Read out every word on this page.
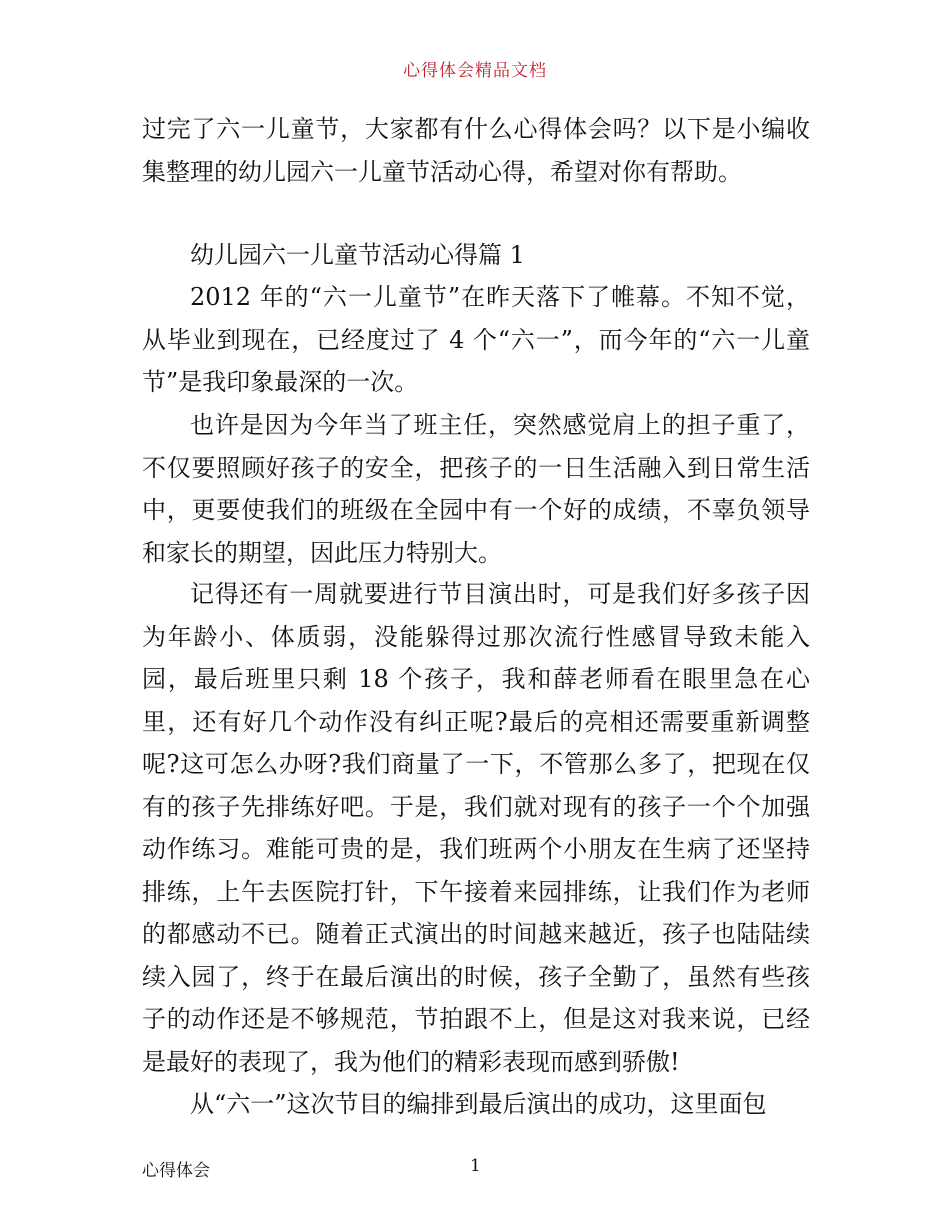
心得体会精品文档

过完了六一儿童节，大家都有什么心得体会吗？以下是小编收集整理的幼儿园六一儿童节活动心得，希望对你有帮助。

幼儿园六一儿童节活动心得篇 1

2012 年的“六一儿童节”在昨天落下了帷幕。不知不觉，从毕业到现在，已经度过了 4 个“六一”，而今年的“六一儿童节”是我印象最深的一次。

也许是因为今年当了班主任，突然感觉肩上的担子重了，不仅要照顾好孩子的安全，把孩子的一日生活融入到日常生活中，更要使我们的班级在全园中有一个好的成绩，不辜负领导和家长的期望，因此压力特别大。

记得还有一周就要进行节目演出时，可是我们好多孩子因为年龄小、体质弱，没能躲得过那次流行性感冒导致未能入园，最后班里只剩 18 个孩子，我和薛老师看在眼里急在心里，还有好几个动作没有纠正呢?最后的亮相还需要重新调整呢?这可怎么办呀?我们商量了一下，不管那么多了，把现在仅有的孩子先排练好吧。于是，我们就对现有的孩子一个个加强动作练习。难能可贵的是，我们班两个小朋友在生病了还坚持排练，上午去医院打针，下午接着来园排练，让我们作为老师的都感动不已。随着正式演出的时间越来越近，孩子也陆陆续续入园了，终于在最后演出的时候，孩子全勤了，虽然有些孩子的动作还是不够规范，节拍跟不上，但是这对我来说，已经是最好的表现了，我为他们的精彩表现而感到骄傲!

从“六一”这次节目的编排到最后演出的成功，这里面包

心得体会	1
